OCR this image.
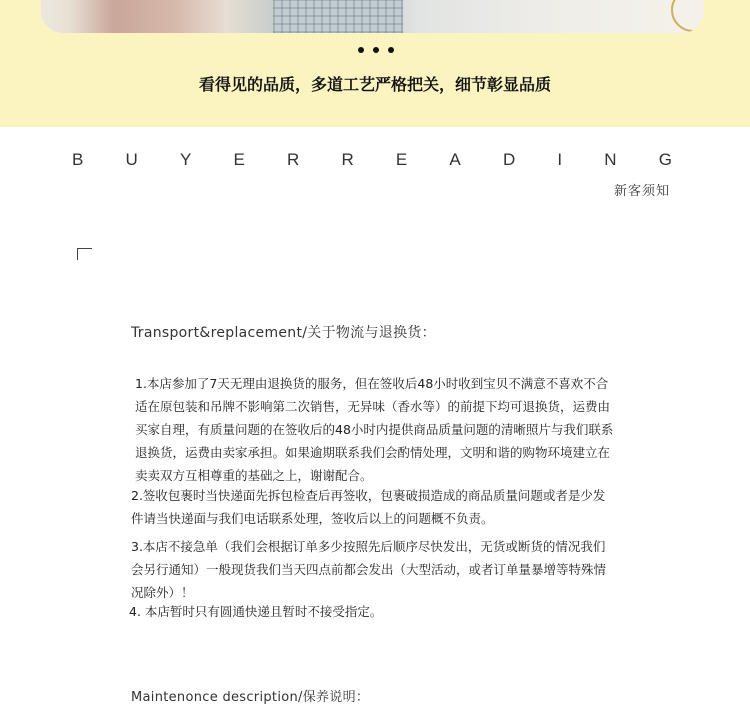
看得见的品质，多道工艺严格把关，细节彰显品质
B U Y E R R E A D I N G
新客须知
Transport&replacement/关于物流与退换货：
1.本店参加了7天无理由退换货的服务，但在签收后48小时收到宝贝不满意不喜欢不合适在原包装和吊牌不影响第二次销售，无异味（香水等）的前提下均可退换货，运费由买家自理，有质量问题的在签收后的48小时内提供商品质量问题的清晰照片与我们联系退换货，运费由卖家承担。如果逾期联系我们会酌情处理，文明和谐的购物环境建立在卖卖双方互相尊重的基础之上，谢谢配合。
2.签收包裹时当快递面先拆包检查后再签收，包裹破损造成的商品质量问题或者是少发件请当快递面与我们电话联系处理，签收后以上的问题概不负责。
3.本店不接急单（我们会根据订单多少按照先后顺序尽快发出，无货或断货的情况我们会另行通知）一般现货我们当天四点前都会发出（大型活动，或者订单量暴增等特殊情况除外）！
4. 本店暂时只有圆通快递且暂时不接受指定。
Maintenonce description/保养说明：
